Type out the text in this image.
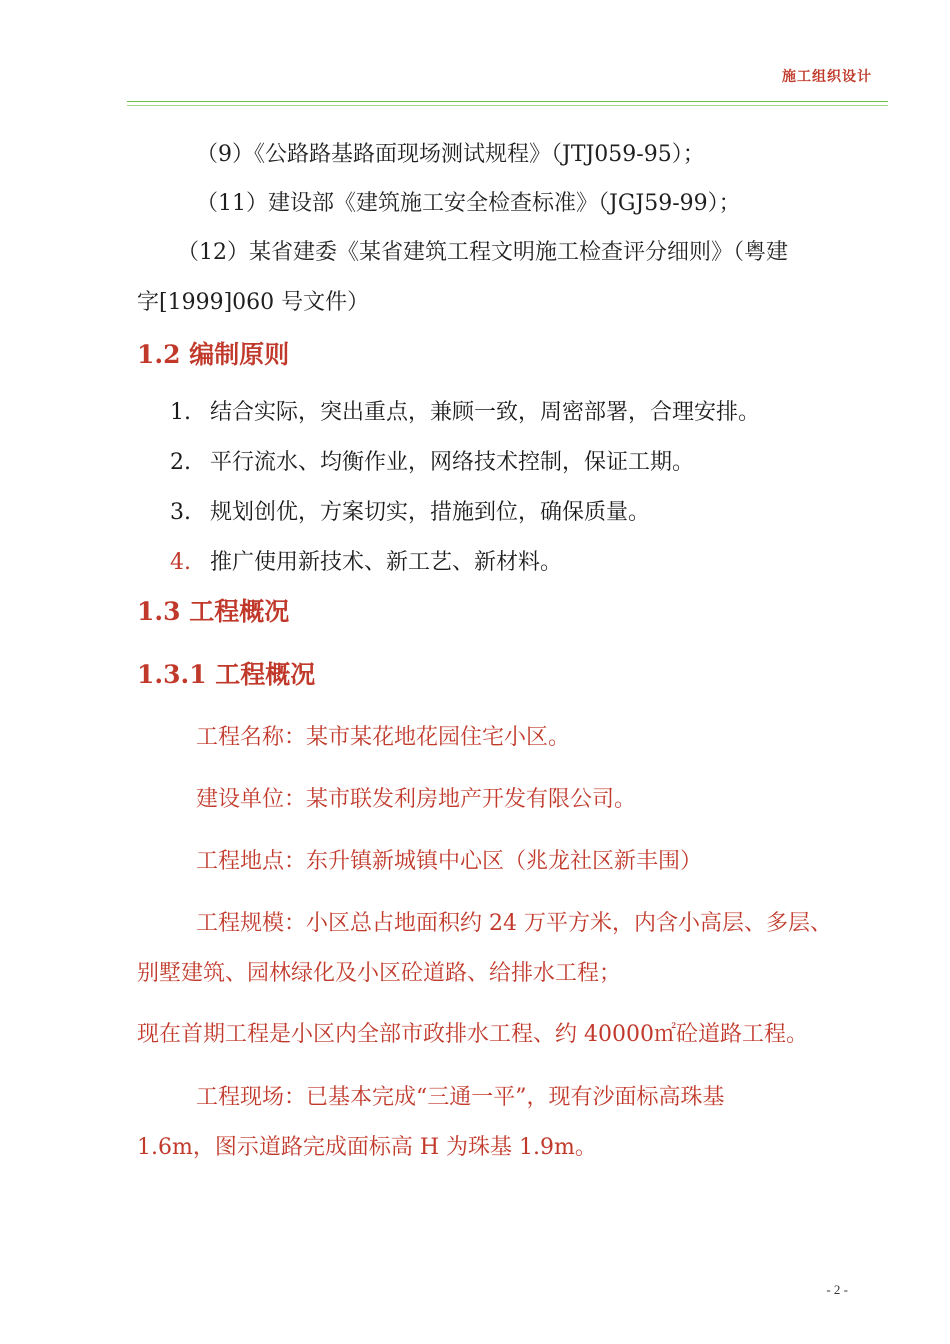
施工组织设计
（9）《公路路基路面现场测试规程》（JTJ059-95）；
（11）建设部《建筑施工安全检查标准》（JGJ59-99）；
（12）某省建委《某省建筑工程文明施工检查评分细则》（粤建
字[1999]060 号文件）
1.2 编制原则
1. 结合实际，突出重点，兼顾一致，周密部署，合理安排。
2. 平行流水、均衡作业，网络技术控制，保证工期。
3. 规划创优，方案切实，措施到位，确保质量。
4. 推广使用新技术、新工艺、新材料。
1.3 工程概况
1.3.1 工程概况
工程名称：某市某花地花园住宅小区。
建设单位：某市联发利房地产开发有限公司。
工程地点：东升镇新城镇中心区（兆龙社区新丰围）
工程规模：小区总占地面积约 24 万平方米，内含小高层、多层、
别墅建筑、园林绿化及小区砼道路、给排水工程；
现在首期工程是小区内全部市政排水工程、约 40000㎡砼道路工程。
工程现场：已基本完成“三通一平”，现有沙面标高珠基
1.6m，图示道路完成面标高 H 为珠基 1.9m。
- 2 -
